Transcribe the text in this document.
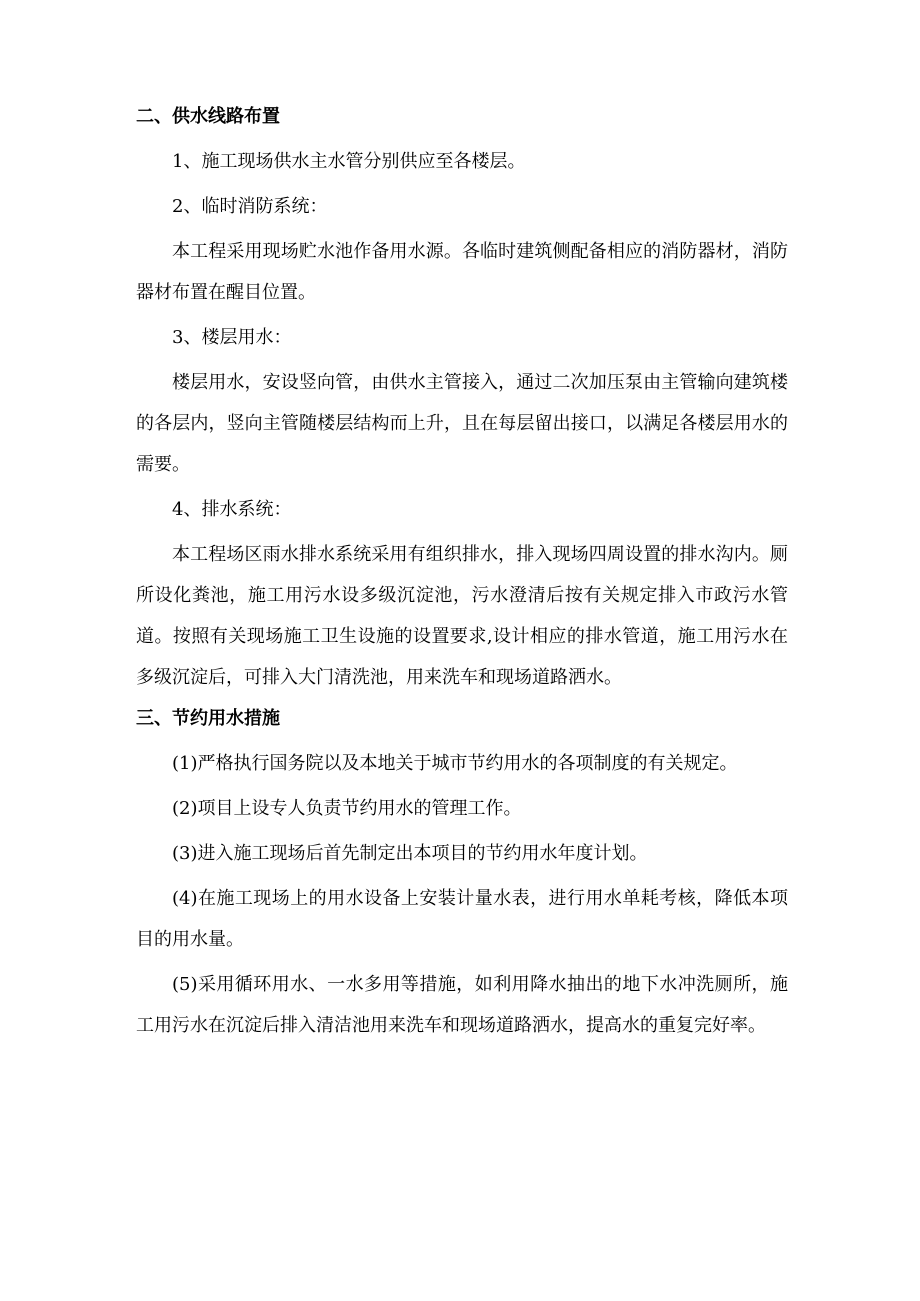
二、供水线路布置

1、施工现场供水主水管分别供应至各楼层。

2、临时消防系统：

本工程采用现场贮水池作备用水源。各临时建筑侧配备相应的消防器材，消防器材布置在醒目位置。

3、楼层用水：

楼层用水，安设竖向管，由供水主管接入，通过二次加压泵由主管输向建筑楼的各层内，竖向主管随楼层结构而上升，且在每层留出接口，以满足各楼层用水的需要。

4、排水系统：

本工程场区雨水排水系统采用有组织排水，排入现场四周设置的排水沟内。厕所设化粪池，施工用污水设多级沉淀池，污水澄清后按有关规定排入市政污水管道。按照有关现场施工卫生设施的设置要求,设计相应的排水管道，施工用污水在多级沉淀后，可排入大门清洗池，用来洗车和现场道路洒水。

三、节约用水措施

(1)严格执行国务院以及本地关于城市节约用水的各项制度的有关规定。

(2)项目上设专人负责节约用水的管理工作。

(3)进入施工现场后首先制定出本项目的节约用水年度计划。

(4)在施工现场上的用水设备上安装计量水表，进行用水单耗考核，降低本项目的用水量。

(5)采用循环用水、一水多用等措施，如利用降水抽出的地下水冲洗厕所，施工用污水在沉淀后排入清洁池用来洗车和现场道路洒水，提高水的重复完好率。
